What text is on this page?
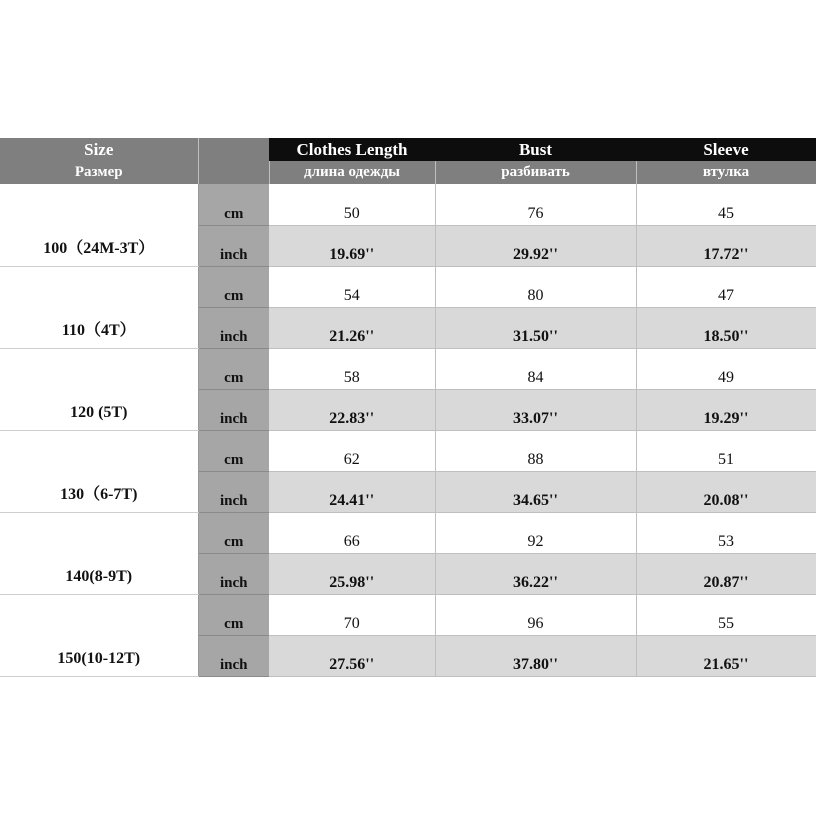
Size		Clothes Length	Bust	Sleeve
Размер		длина одежды	разбивать	втулка
100（24M-3T）	cm	50	76	45
	inch	19.69''	29.92''	17.72''
110（4T）	cm	54	80	47
	inch	21.26''	31.50''	18.50''
120 (5T)	cm	58	84	49
	inch	22.83''	33.07''	19.29''
130（6-7T)	cm	62	88	51
	inch	24.41''	34.65''	20.08''
140(8-9T)	cm	66	92	53
	inch	25.98''	36.22''	20.87''
150(10-12T)	cm	70	96	55
	inch	27.56''	37.80''	21.65''
